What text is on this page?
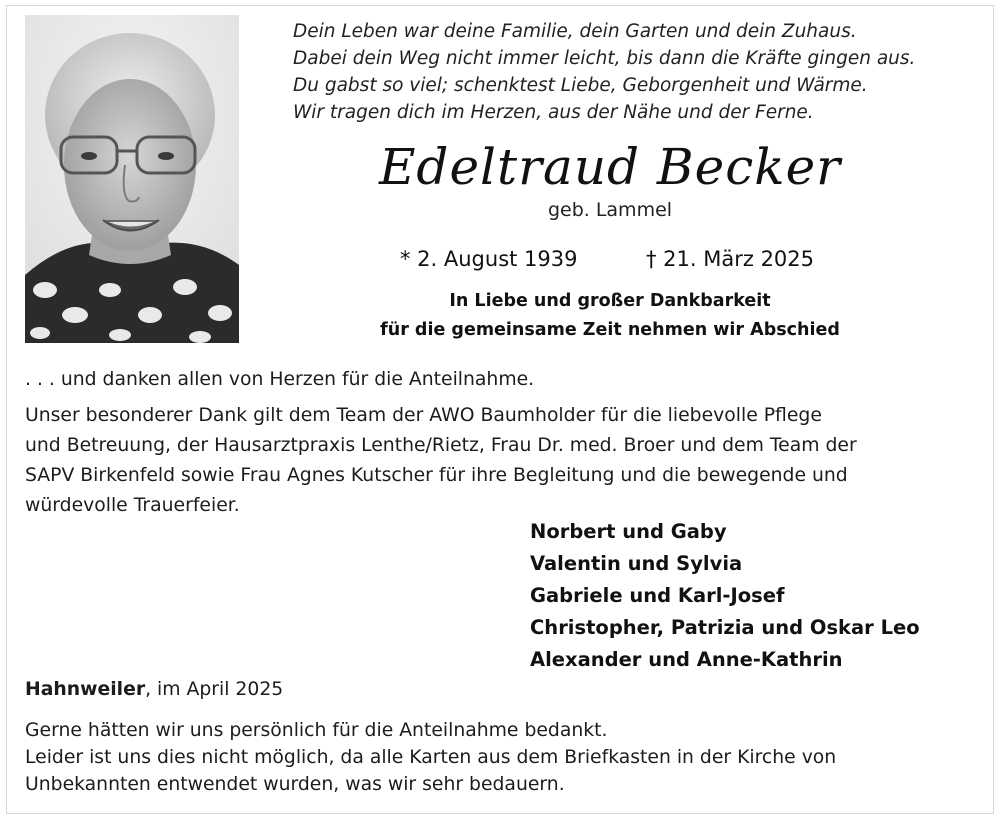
Dein Leben war deine Familie, dein Garten und dein Zuhaus.
Dabei dein Weg nicht immer leicht, bis dann die Kräfte gingen aus.
Du gabst so viel; schenktest Liebe, Geborgenheit und Wärme.
Wir tragen dich im Herzen, aus der Nähe und der Ferne.
Edeltraud Becker
geb. Lammel
* 2. August 1939	† 21. März 2025
In Liebe und großer Dankbarkeit
für die gemeinsame Zeit nehmen wir Abschied
. . . und danken allen von Herzen für die Anteilnahme.
Unser besonderer Dank gilt dem Team der AWO Baumholder für die liebevolle Pflege
und Betreuung, der Hausarztpraxis Lenthe/Rietz, Frau Dr. med. Broer und dem Team der
SAPV Birkenfeld sowie Frau Agnes Kutscher für ihre Begleitung und die bewegende und
würdevolle Trauerfeier.
Norbert und Gaby
Valentin und Sylvia
Gabriele und Karl-Josef
Christopher, Patrizia und Oskar Leo
Alexander und Anne-Kathrin
Hahnweiler, im April 2025
Gerne hätten wir uns persönlich für die Anteilnahme bedankt.
Leider ist uns dies nicht möglich, da alle Karten aus dem Briefkasten in der Kirche von
Unbekannten entwendet wurden, was wir sehr bedauern.
